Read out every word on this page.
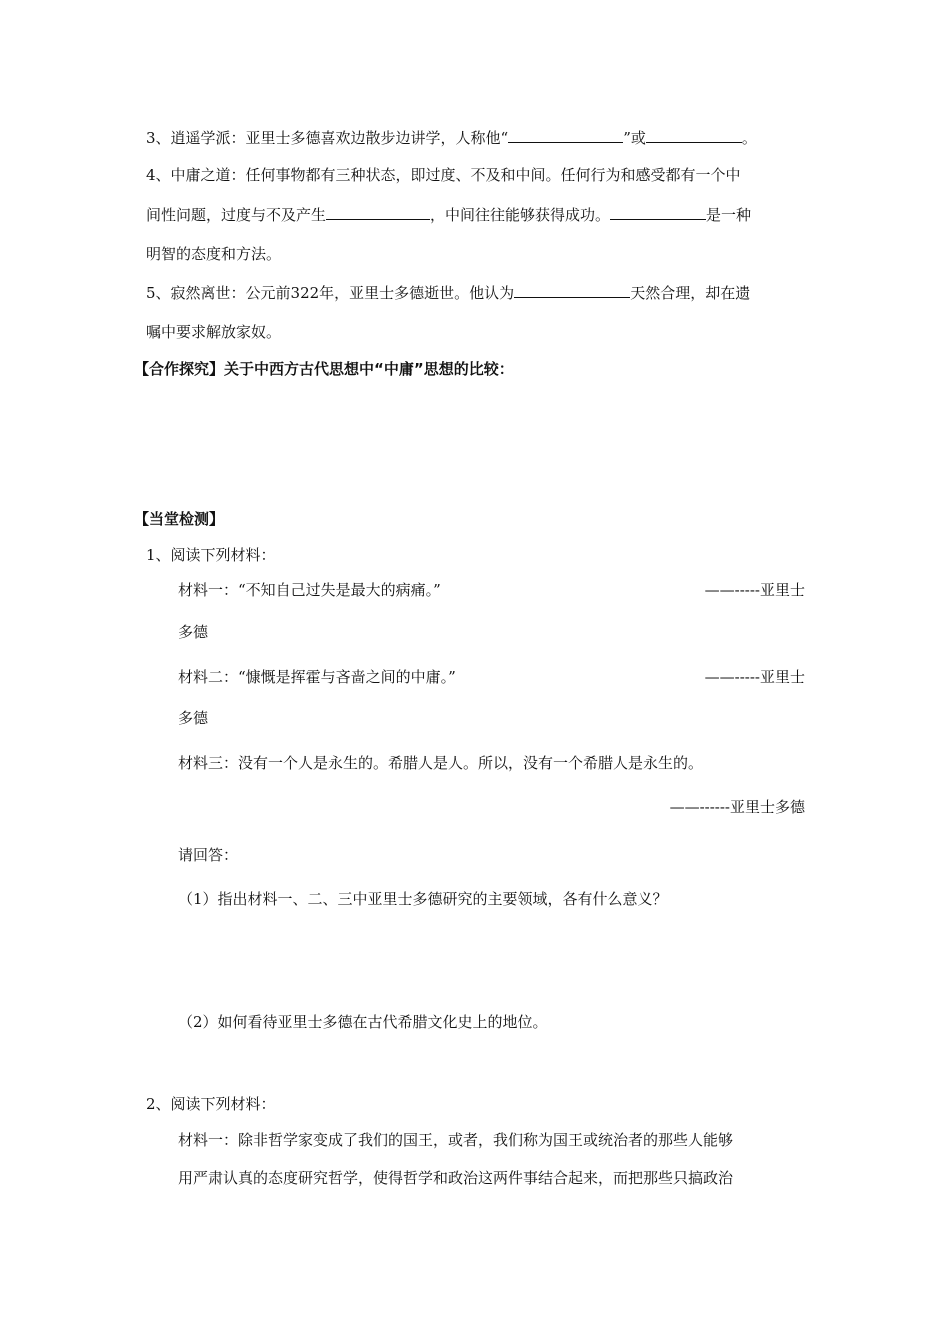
3、逍遥学派：亚里士多德喜欢边散步边讲学，人称他“	”或	。
4、中庸之道：任何事物都有三种状态，即过度、不及和中间。任何行为和感受都有一个中
间性问题，过度与不及产生	，中间往往能够获得成功。	是一种
明智的态度和方法。
5、寂然离世：公元前322年，亚里士多德逝世。他认为	天然合理，却在遗
嘱中要求解放家奴。
【合作探究】关于中西方古代思想中“中庸”思想的比较：
【当堂检测】
1、阅读下列材料：
材料一：“不知自己过失是最大的病痛。”	——-----亚里士
多德
材料二：“慷慨是挥霍与吝啬之间的中庸。”	——-----亚里士
多德
材料三：没有一个人是永生的。希腊人是人。所以，没有一个希腊人是永生的。
——------亚里士多德
请回答：
（1）指出材料一、二、三中亚里士多德研究的主要领域，各有什么意义？
（2）如何看待亚里士多德在古代希腊文化史上的地位。
2、阅读下列材料：
材料一：除非哲学家变成了我们的国王，或者，我们称为国王或统治者的那些人能够
用严肃认真的态度研究哲学，使得哲学和政治这两件事结合起来，而把那些只搞政治
